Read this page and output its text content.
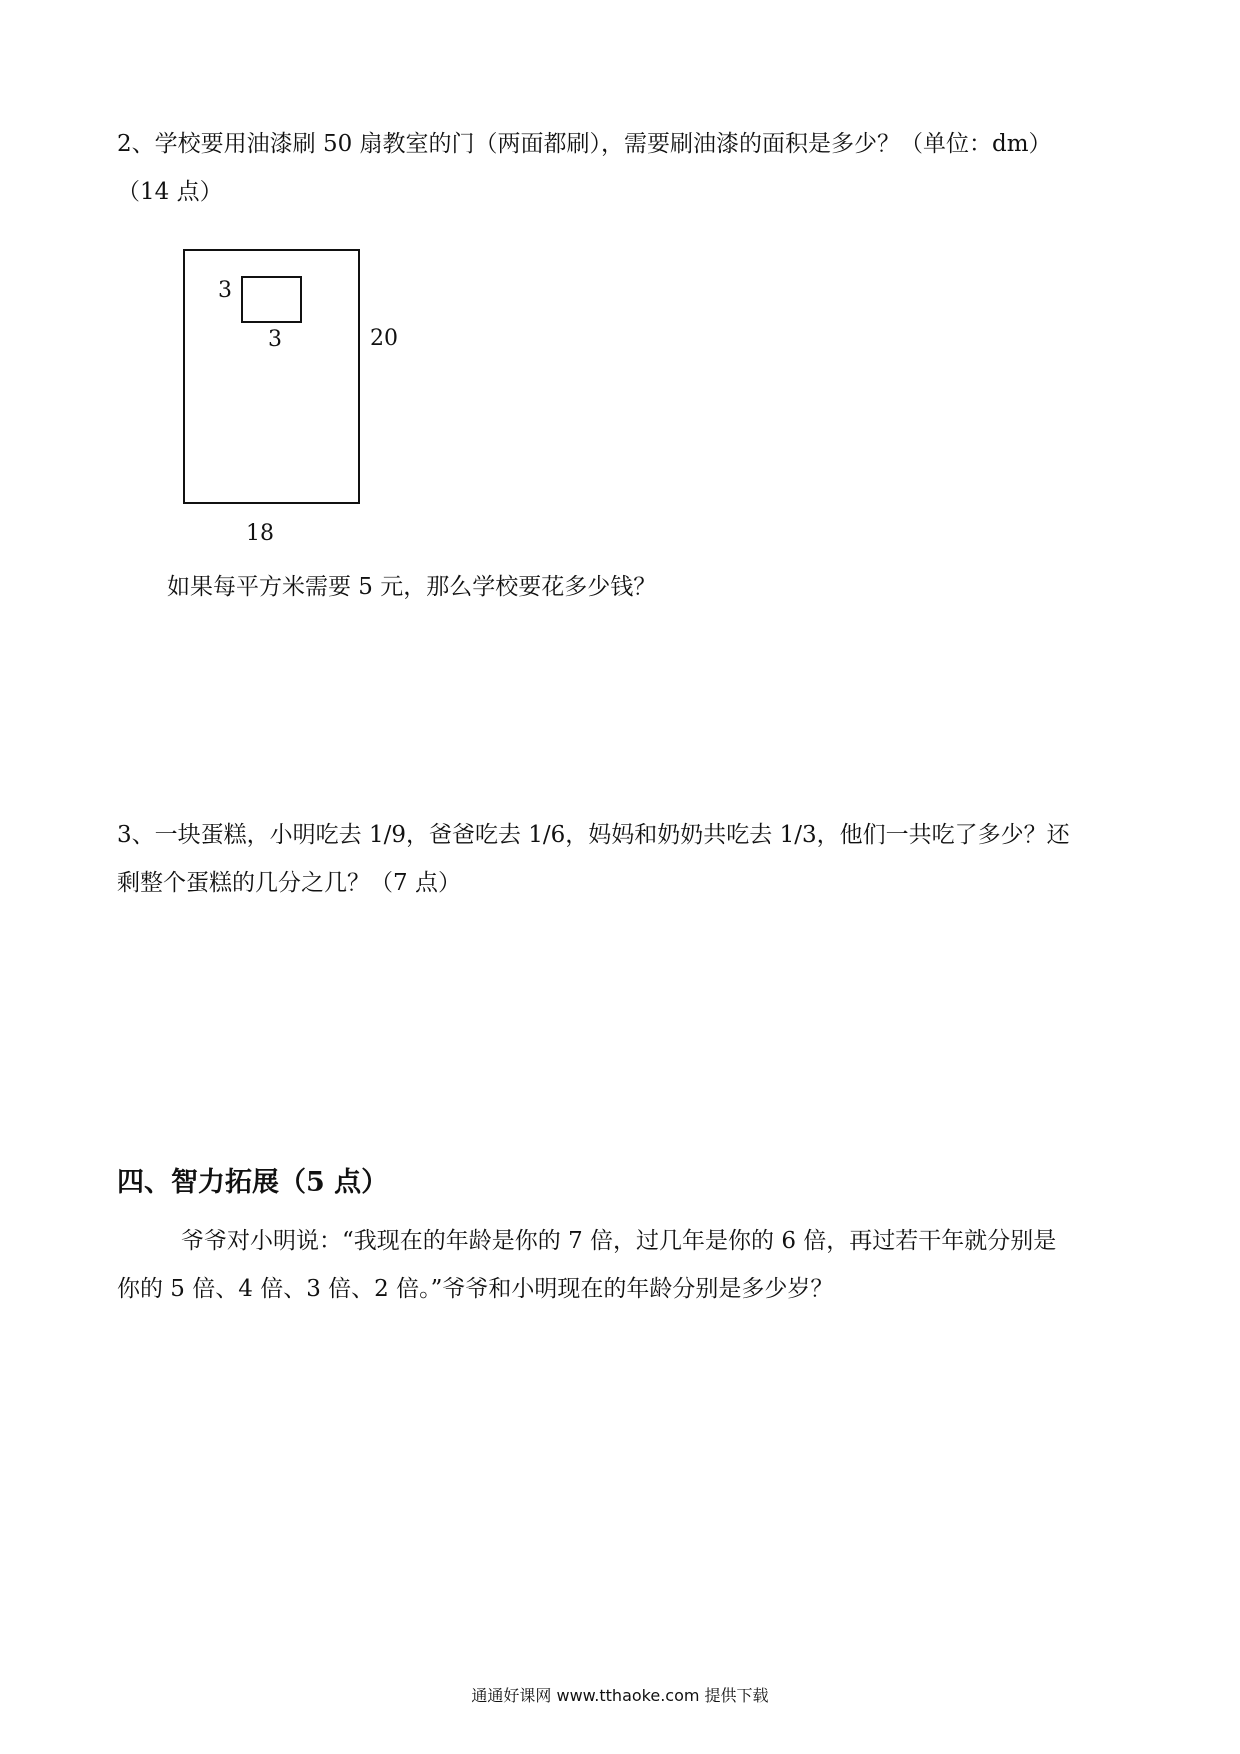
2、学校要用油漆刷 50 扇教室的门（两面都刷），需要刷油漆的面积是多少？（单位：dm）
（14 点）
3
3	20
18
如果每平方米需要 5 元，那么学校要花多少钱？
3、一块蛋糕，小明吃去 1/9，爸爸吃去 1/6，妈妈和奶奶共吃去 1/3，他们一共吃了多少？还
剩整个蛋糕的几分之几？（7 点）
四、智力拓展（5 点）
爷爷对小明说：“我现在的年龄是你的 7 倍，过几年是你的 6 倍，再过若干年就分别是
你的 5 倍、4 倍、3 倍、2 倍。”爷爷和小明现在的年龄分别是多少岁？
通通好课网 www.tthaoke.com 提供下载
